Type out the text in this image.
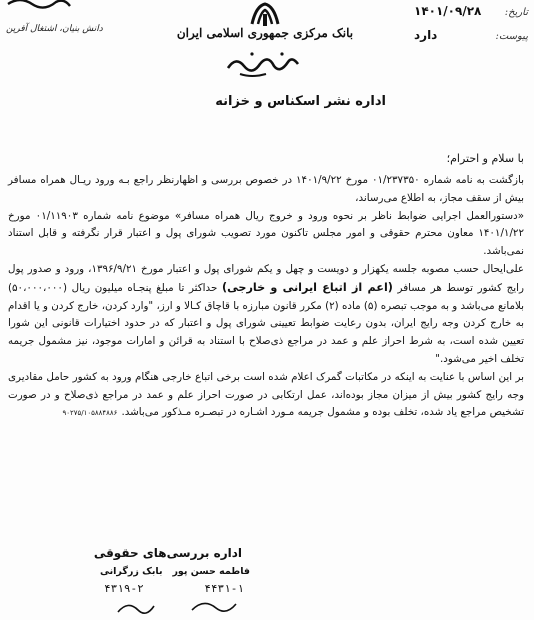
تاریخ:
۱۴۰۱/۰۹/۲۸
پیوست:
دارد
بانک مرکزی جمهوری اسلامی ایران
دانش بنیان، اشتغال آفرین
اداره نشر اسکناس و خزانه
با سلام و احترام؛

بازگشت به نامه شماره ۰۱/۲۳۷۳۵۰ مورخ ۱۴۰۱/۹/۲۲ در خصوص بررسی و اظهارنظر راجع بـه ورود ریـال همراه مسافر بیش از سقف مجاز، به اطلاع می‌رساند،

«دستورالعمل اجرایی ضوابط ناظر بر نحوه ورود و خروج ریال همراه مسافر» موضوع نامه شماره ۰۱/۱۱۹۰۳ مورخ ۱۴۰۱/۱/۲۲ معاون محترم حقوقی و امور مجلس تاکنون مورد تصویب شورای پول و اعتبار قرار نگرفته و قابل استناد نمی‌باشد.

علی‌ایحال حسب مصوبه جلسه یکهزار و دویست و چهل و یکم شورای پول و اعتبار مورخ ۱۳۹۶/۹/۲۱، ورود و صدور پول رایج کشور توسط هر مسافر (اعم از اتباع ایرانی و خارجی) حداکثر تا مبلغ پنجـاه میلیون ریال (۵۰،۰۰۰،۰۰۰) بلامانع می‌باشد و به موجب تبصره (۵) ماده (۲) مکرر قانون مبارزه با قاچاق کـالا و ارز، "وارد کردن، خارج کردن و یا اقدام به خارج کردن وجه رایج ایران، بدون رعایت ضوابط تعیینی شورای پول و اعتبار که در حدود اختیارات قانونی این شورا تعیین شده است، به شرط احراز علم و عمد در مراجع ذی‌صلاح با استناد به قرائن و امارات موجود، نیز مشمول جریمه تخلف اخیر می‌شود."

بر این اساس با عنایت به اینکه در مکاتبات گمرک اعلام شده است برخی اتباع خارجی هنگام ورود به کشور حامل مقادیری وجه رایج کشور بیش از میزان مجاز بوده‌اند، عمل ارتکابی در صورت احراز علم و عمد در مراجع ذی‌صلاح و در صورت تشخیص مراجع یاد شده، تخلف بوده و مشمول جریمه مـورد اشـاره در تبصـره مـذکور می‌باشد.۹۰۲۷۵/۱۰۵۸۸۴۸۸۶

اداره بررسی‌های حقوقی
فاطمه حسن پور
بابک زرگرانی
۴۳۱۹-۲	۴۴۳۱-۱
